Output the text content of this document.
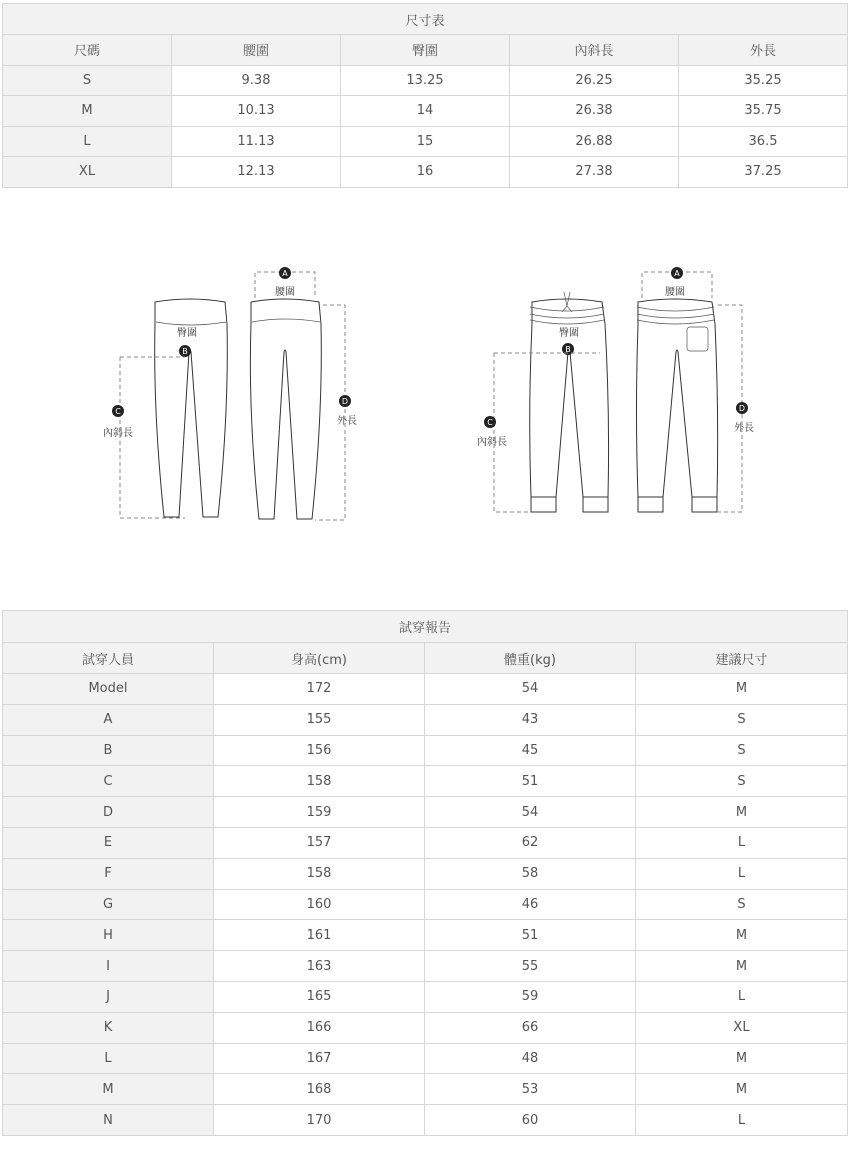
尺寸表				
尺碼	腰圍	臀圍	內斜長	外長
S	9.38	13.25	26.25	35.25
M	10.13	14	26.38	35.75
L	11.13	15	26.88	36.5
XL	12.13	16	27.38	37.25
A
腰圍
臀圍
B
C
內斜長
D
外長
A
腰圍
臀圍
B
C
內斜長
D
外長
試穿報告			
試穿人員	身高(cm)	體重(kg)	建議尺寸
Model	172	54	M
A	155	43	S
B	156	45	S
C	158	51	S
D	159	54	M
E	157	62	L
F	158	58	L
G	160	46	S
H	161	51	M
I	163	55	M
J	165	59	L
K	166	66	XL
L	167	48	M
M	168	53	M
N	170	60	L
